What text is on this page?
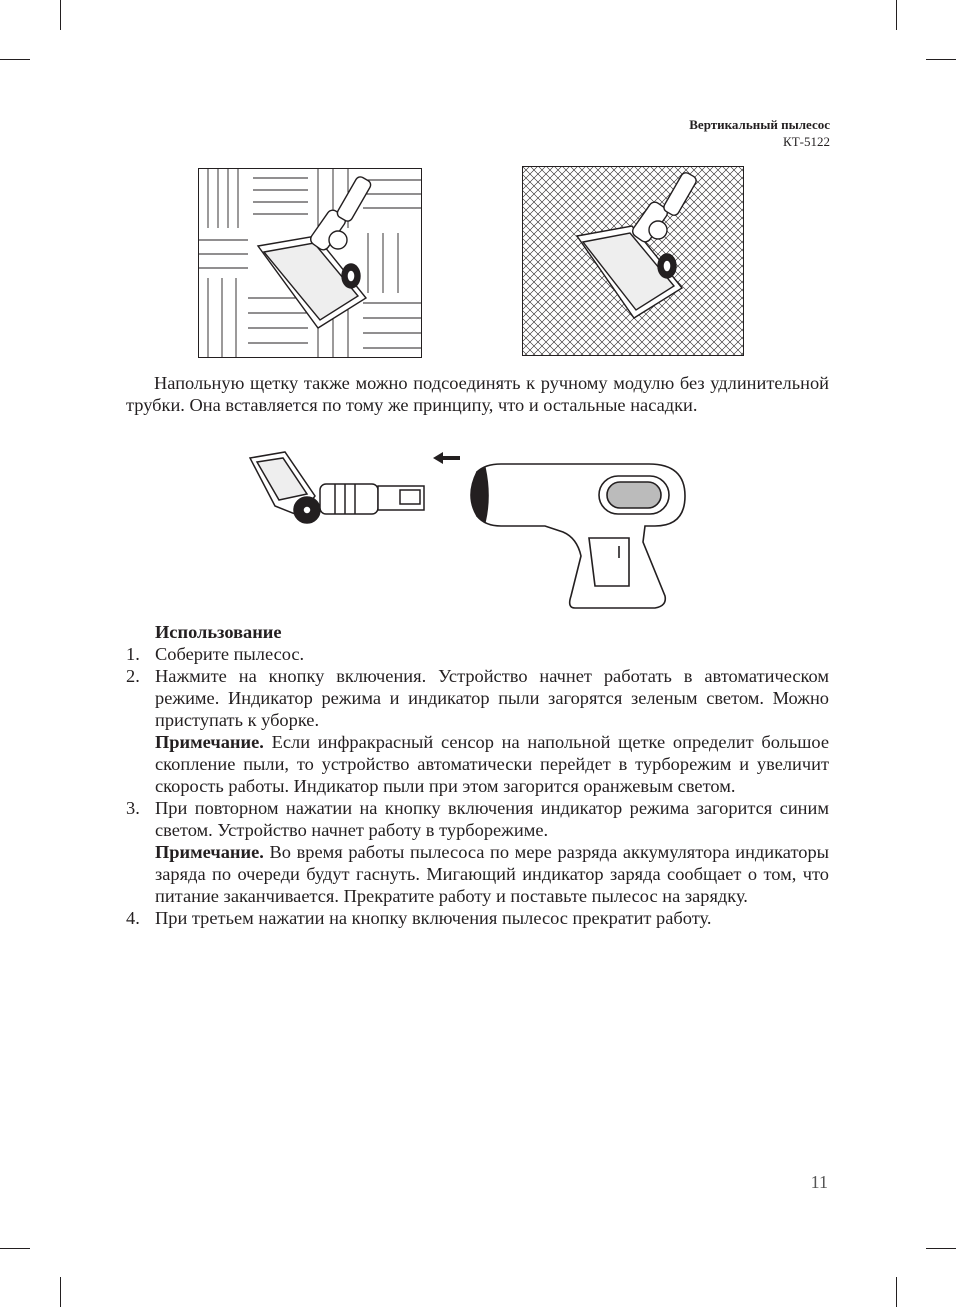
Вертикальный пылесос
КТ-5122

Напольную щетку также можно подсоединять к ручному модулю без удлинительной трубки. Она вставляется по тому же принципу, что и остальные насадки.

Использование
1. Соберите пылесос.

2. Нажмите на кнопку включения. Устройство начнет работать в автоматическом режиме. Индикатор режима и индикатор пыли загорятся зеленым светом. Можно приступать к уборке.

Примечание. Если инфракрасный сенсор на напольной щетке определит большое скопление пыли, то устройство автоматически перейдет в турборежим и увеличит скорость работы. Индикатор пыли при этом загорится оранжевым светом.

3. При повторном нажатии на кнопку включения индикатор режима загорится синим светом. Устройство начнет работу в турборежиме.

Примечание. Во время работы пылесоса по мере разряда аккумулятора индикаторы заряда по очереди будут гаснуть. Мигающий индикатор заряда сообщает о том, что питание заканчивается. Прекратите работу и поставьте пылесос на зарядку.

4. При третьем нажатии на кнопку включения пылесос прекратит работу.

11
